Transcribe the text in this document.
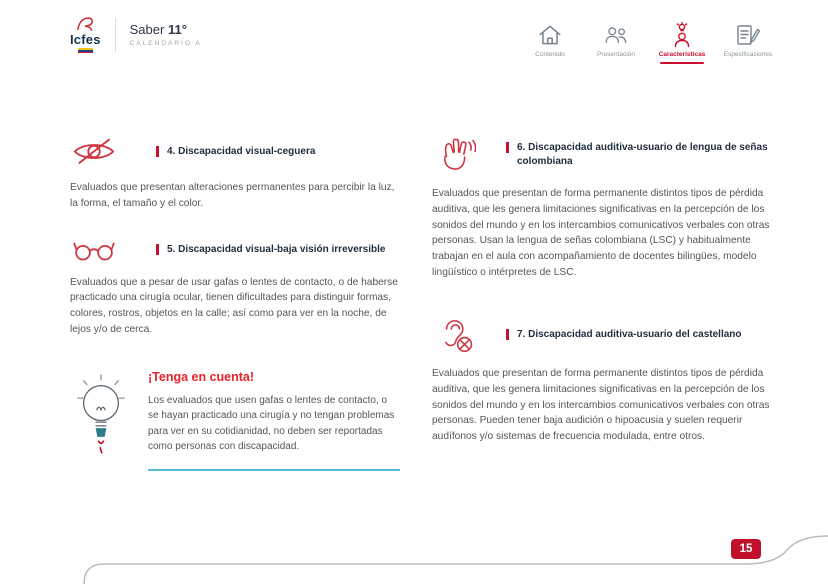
Icfes
Saber 11°
CALENDARIO A
Contenido	Presentación	Características	Especificaciones
4. Discapacidad visual-ceguera

Evaluados que presentan alteraciones permanentes para percibir la luz, la forma, el tamaño y el color.

5. Discapacidad visual-baja visión irreversible

Evaluados que a pesar de usar gafas o lentes de contacto, o de haberse practicado una cirugía ocular, tienen dificultades para distinguir formas, colores, rostros, objetos en la calle; así como para ver en la noche, de lejos y/o de cerca.

¡Tenga en cuenta!

Los evaluados que usen gafas o lentes de contacto, o se hayan practicado una cirugía y no tengan problemas para ver en su cotidianidad, no deben ser reportadas como personas con discapacidad.

6. Discapacidad auditiva-usuario de lengua de señas colombiana

Evaluados que presentan de forma permanente distintos tipos de pérdida auditiva, que les genera limitaciones significativas en la percepción de los sonidos del mundo y en los intercambios comunicativos verbales con otras personas. Usan la lengua de señas colombiana (LSC) y habitualmente trabajan en el aula con acompañamiento de docentes bilingües, modelo lingüístico o intérpretes de LSC.

7. Discapacidad auditiva-usuario del castellano

Evaluados que presentan de forma permanente distintos tipos de pérdida auditiva, que les genera limitaciones significativas en la percepción de los sonidos del mundo y en los intercambios comunicativos verbales con otras personas. Pueden tener baja audición o hipoacusia y suelen requerir audífonos y/o sistemas de frecuencia modulada, entre otros.

15
